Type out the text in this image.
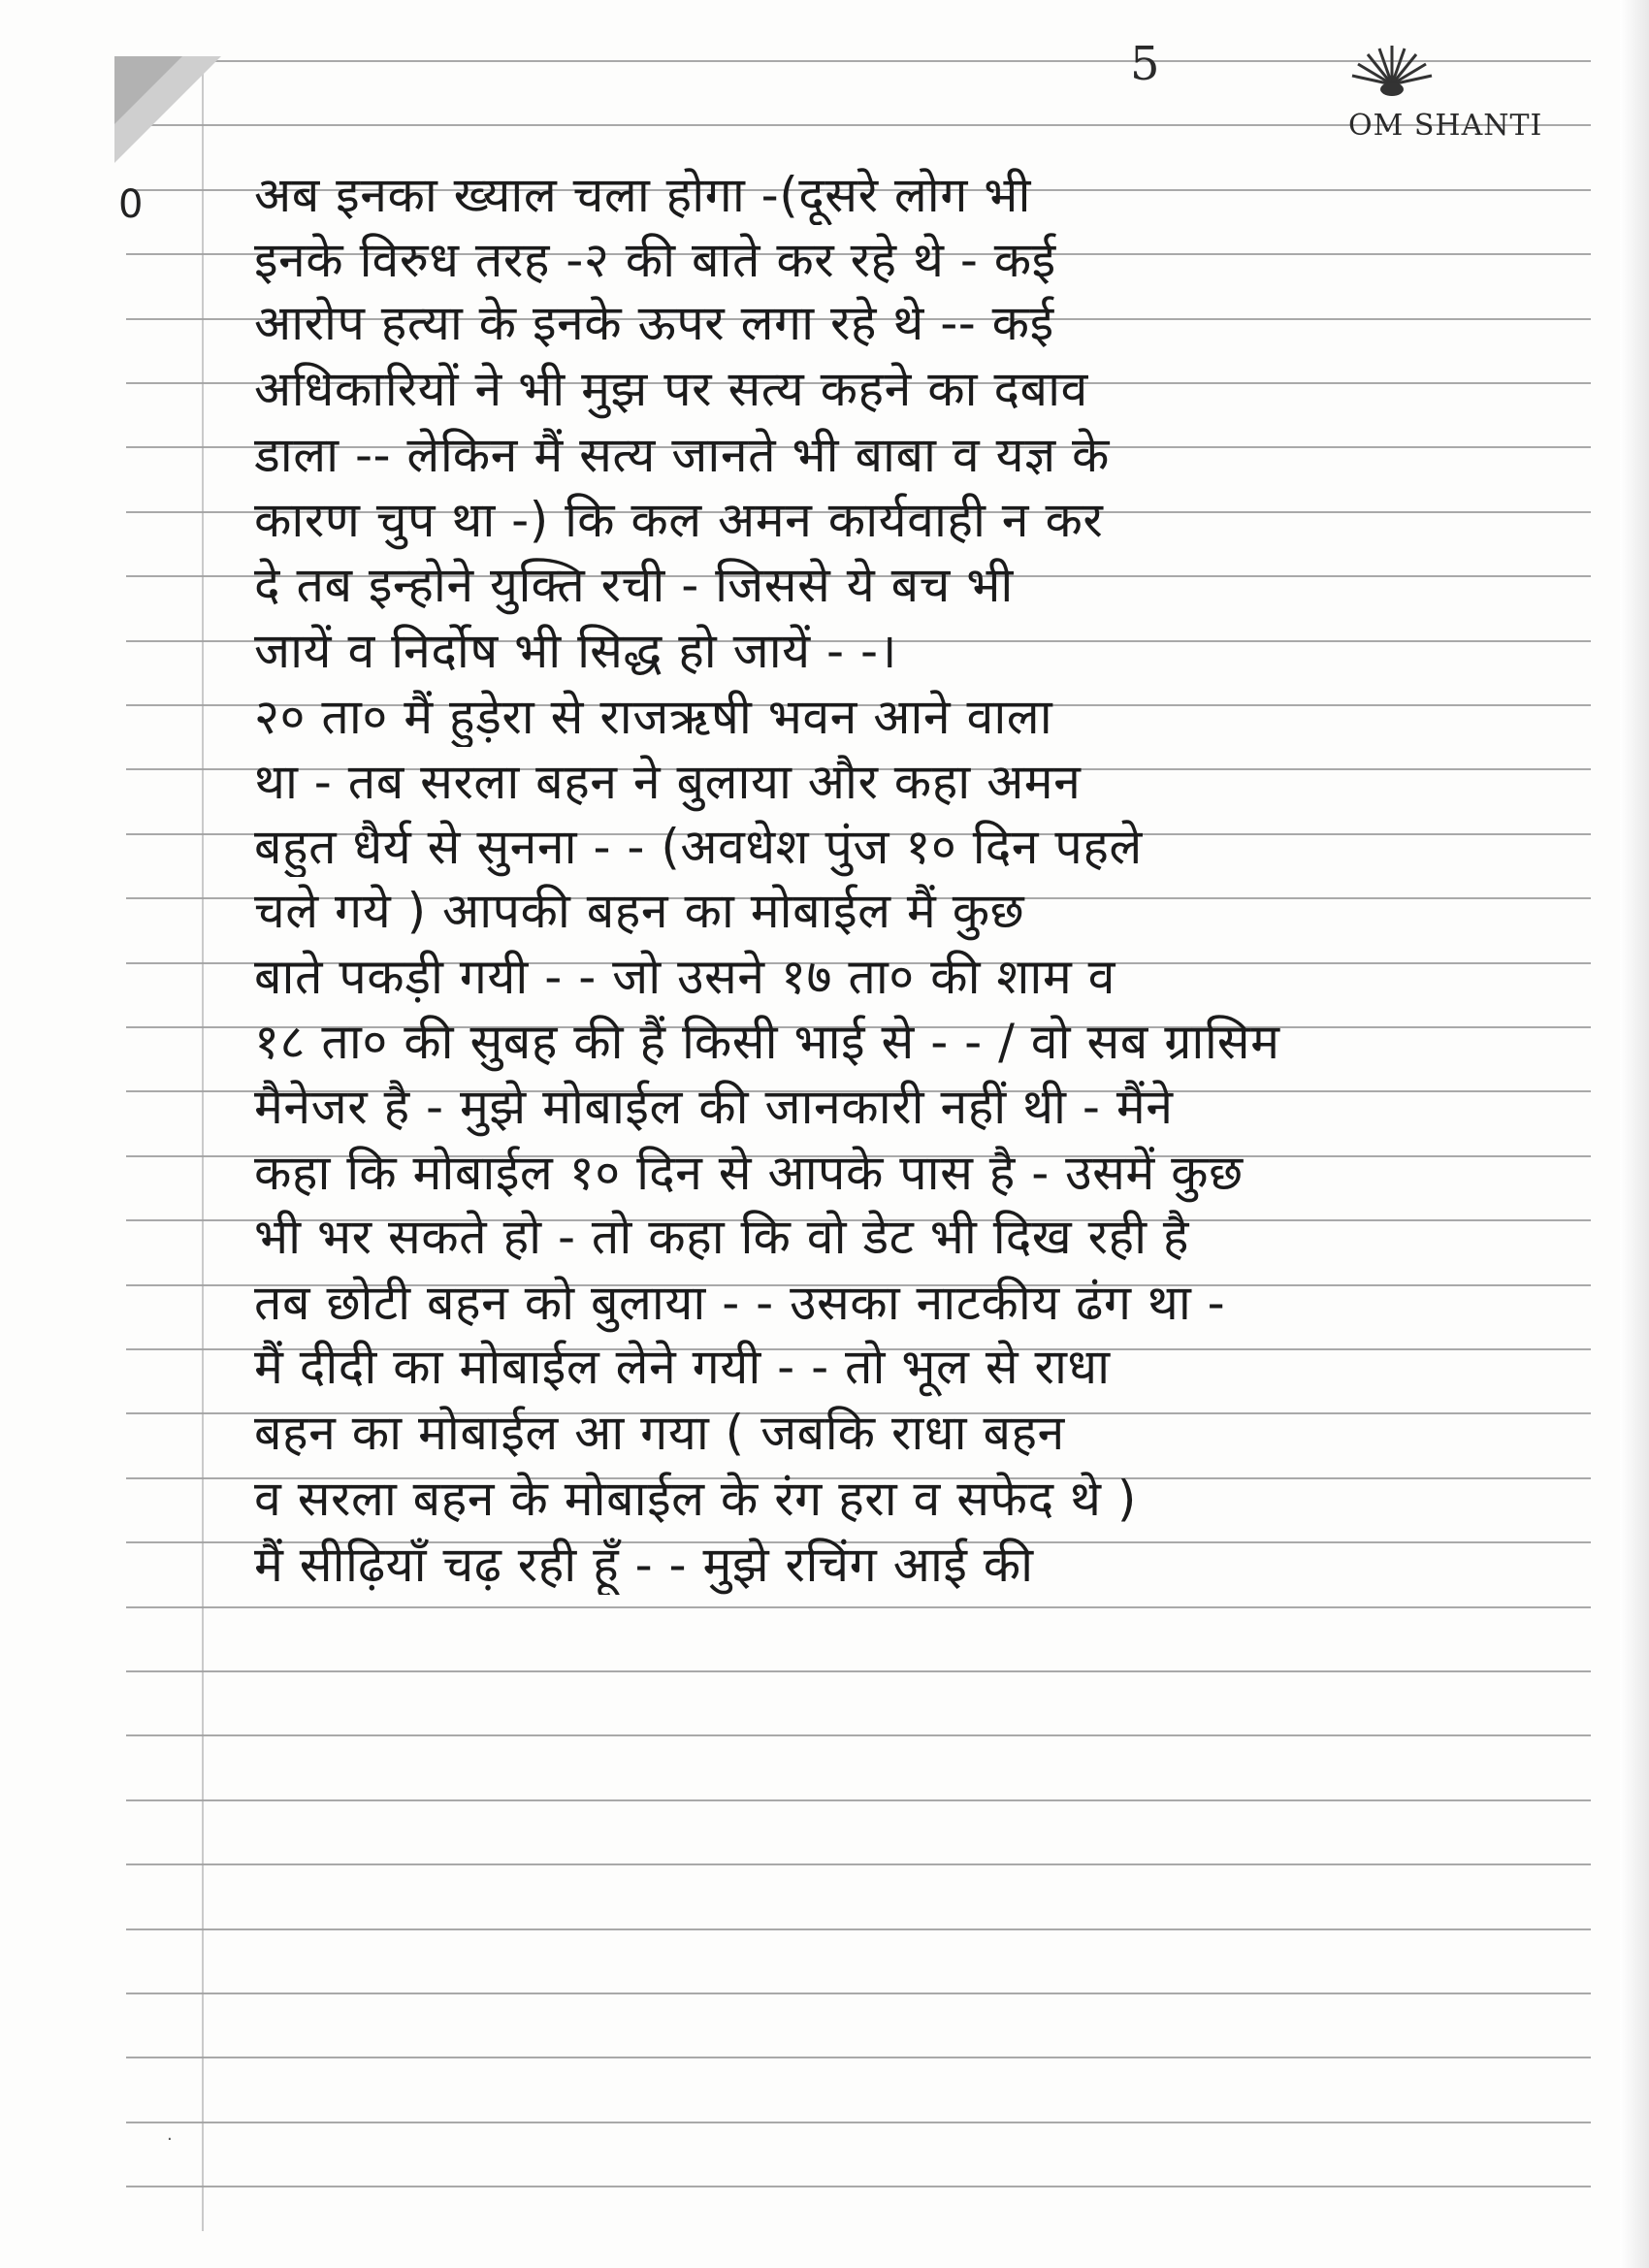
5
OM SHANTI
0 अब इनका ख्याल चला होगा -(दूसरे लोग भी
इनके विरुध तरह -२ की बाते कर रहे थे - कई
आरोप हत्या के इनके ऊपर लगा रहे थे -- कई
अधिकारियों ने भी मुझ पर सत्य कहने का दबाव
डाला -- लेकिन मैं सत्य जानते भी बाबा व यज्ञ के
कारण चुप था -) कि कल अमन कार्यवाही न कर
दे तब इन्होने युक्ति रची - जिससे ये बच भी
जायें व निर्दोष भी सिद्ध हो जायें - -।
२० ता० मैं हुड़ेरा से राजऋषी भवन आने वाला
था - तब सरला बहन ने बुलाया और कहा अमन
बहुत धैर्य से सुनना - - (अवधेश पुंज १० दिन पहले
चले गये ) आपकी बहन का मोबाईल मैं कुछ
बाते पकड़ी गयी - - जो उसने १७ ता० की शाम व
१८ ता० की सुबह की हैं किसी भाई से - - / वो सब ग्रासिम
मैनेजर है - मुझे मोबाईल की जानकारी नहीं थी - मैंने
कहा कि मोबाईल १० दिन से आपके पास है - उसमें कुछ
भी भर सकते हो - तो कहा कि वो डेट भी दिख रही है
तब छोटी बहन को बुलाया - - उसका नाटकीय ढंग था -
मैं दीदी का मोबाईल लेने गयी - - तो भूल से राधा
बहन का मोबाईल आ गया ( जबकि राधा बहन
व सरला बहन के मोबाईल के रंग हरा व सफेद थे )
मैं सीढ़ियाँ चढ़ रही हूँ - - मुझे रचिंग आई की
·
